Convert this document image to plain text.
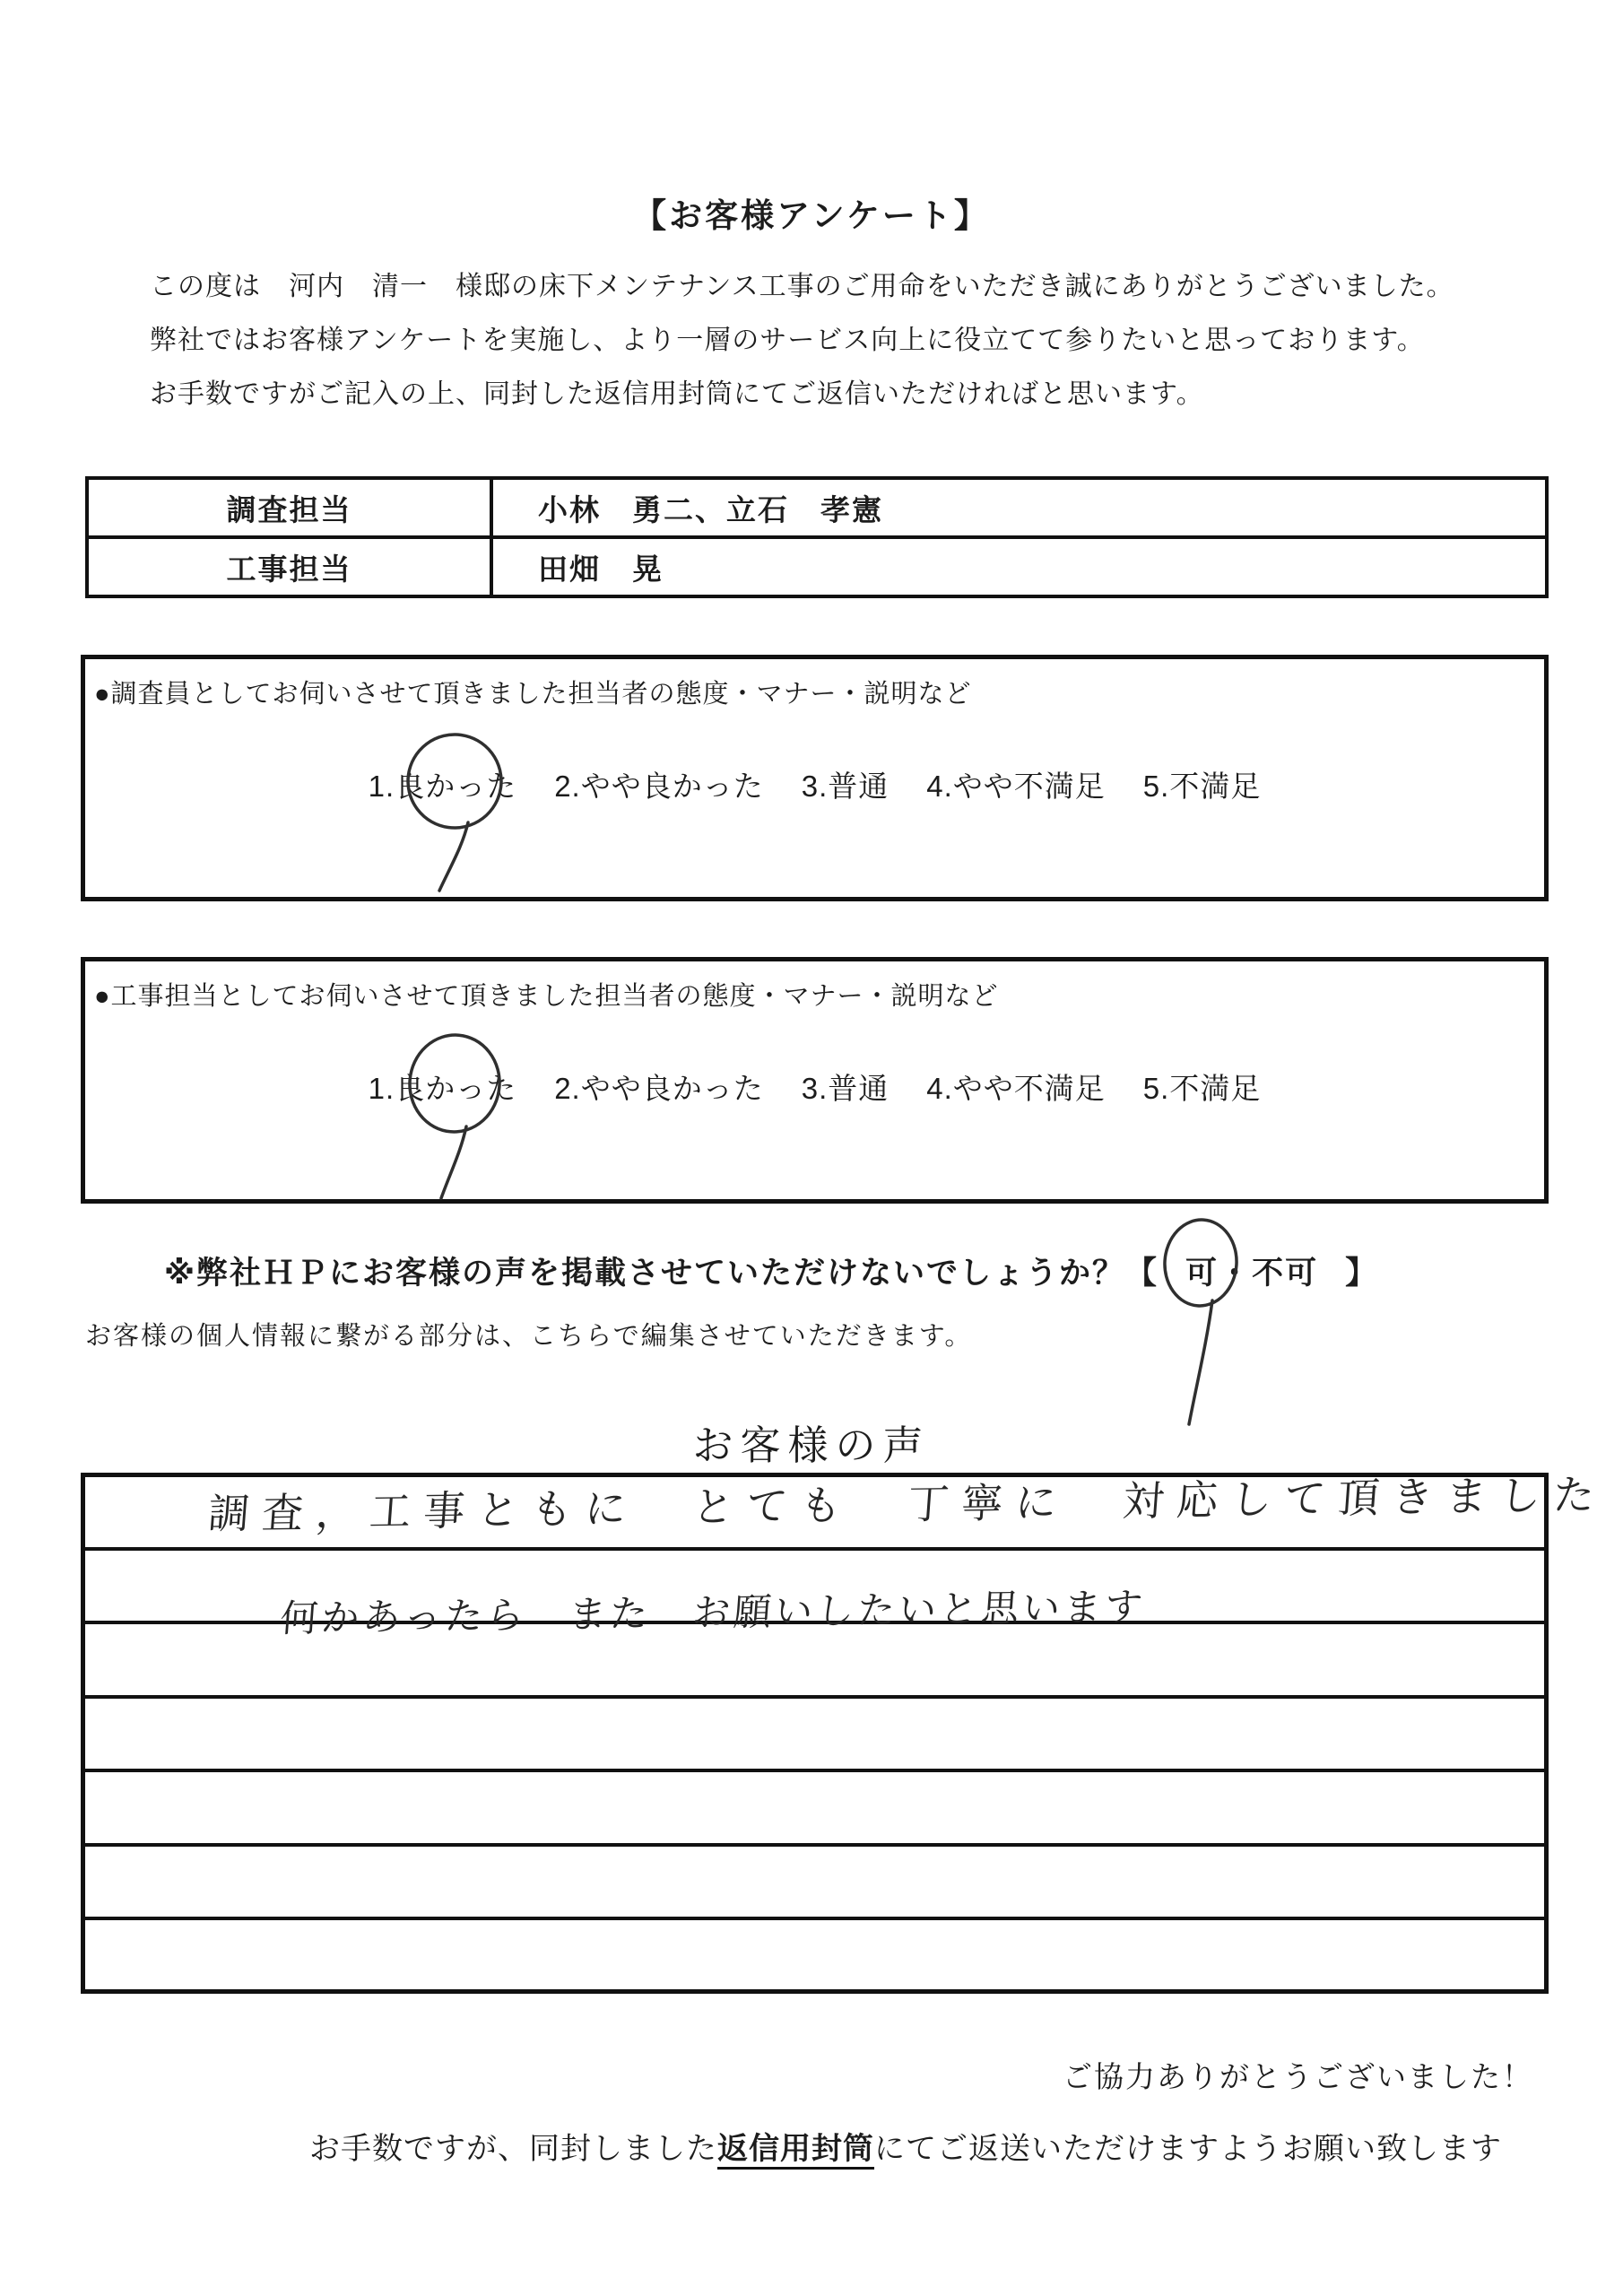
【お客様アンケート】
この度は　河内　清一　様邸の床下メンテナンス工事のご用命をいただき誠にありがとうございました。
弊社ではお客様アンケートを実施し、より一層のサービス向上に役立てて参りたいと思っております。
お手数ですがご記入の上、同封した返信用封筒にてご返信いただければと思います。
調査担当	小林　勇二、立石　孝憲
工事担当	田畑　晃
●調査員としてお伺いさせて頂きました担当者の態度・マナー・説明など
1.良
かった 2.やや良かった 3.普通 4.やや不満足 5.不満足
●工事担当としてお伺いさせて頂きました担当者の態度・マナー・説明など
1.良
かった 2.やや良かった 3.普通 4.やや不満足 5.不満足
※弊社ＨＰにお客様の声を掲載させていただけないでしょうか？【 可・不可 】
お客様の個人情報に繋がる部分は、こちらで編集させていただきます。
お客様の声
調査，工事ともに　とても　丁寧に　対応して頂きました
何かあったら　また　お願いしたいと思います
ご協力ありがとうございました！
お手数ですが、同封しました返信用封筒にてご返送いただけますようお願い致します
